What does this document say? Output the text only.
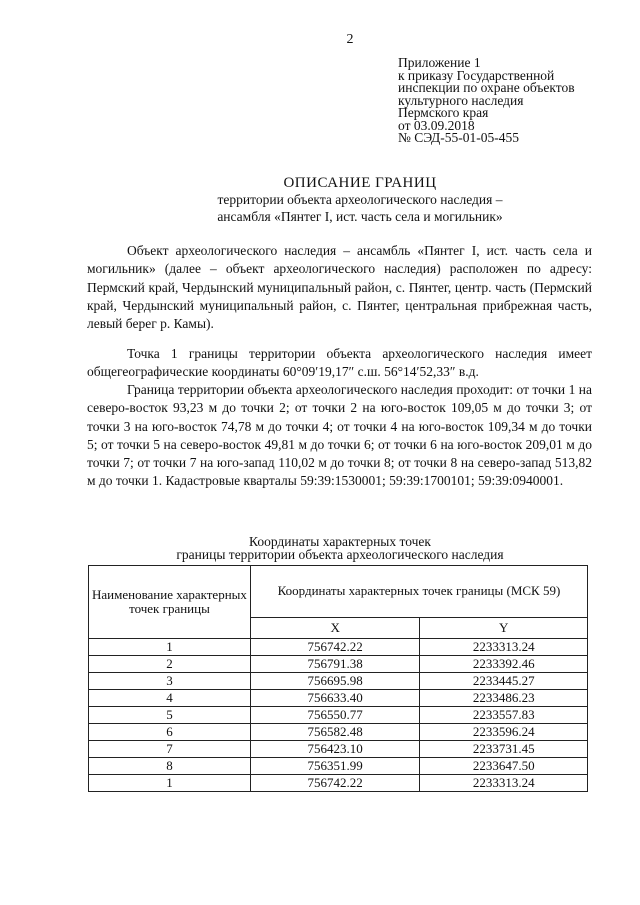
2
Приложение 1
к приказу Государственной
инспекции по охране объектов
культурного наследия
Пермского края
от 03.09.2018
№ СЭД-55-01-05-455
ОПИСАНИЕ ГРАНИЦ
территории объекта археологического наследия –
ансамбля «Пянтег I, ист. часть села и могильник»
Объект археологического наследия – ансамбль «Пянтег I, ист. часть села и могильник» (далее – объект археологического наследия) расположен по адресу: Пермский край, Чердынский муниципальный район, с. Пянтег, центр. часть (Пермский край, Чердынский муниципальный район, с. Пянтег, центральная прибрежная часть, левый берег р. Камы).
Точка 1 границы территории объекта археологического наследия имеет общегеографические координаты 60°09′19,17″ с.ш. 56°14′52,33″ в.д.
Граница территории объекта археологического наследия проходит: от точки 1 на северо-восток 93,23 м до точки 2; от точки 2 на юго-восток 109,05 м до точки 3; от точки 3 на юго-восток 74,78 м до точки 4; от точки 4 на юго-восток 109,34 м до точки 5; от точки 5 на северо-восток 49,81 м до точки 6; от точки 6 на юго-восток 209,01 м до точки 7; от точки 7 на юго-запад 110,02 м до точки 8; от точки 8 на северо-запад 513,82 м до точки 1. Кадастровые кварталы 59:39:1530001; 59:39:1700101; 59:39:0940001.
Координаты характерных точек
границы территории объекта археологического наследия
Наименование характерных точек границы	Координаты характерных точек границы (МСК 59)	
	X	Y
1	756742.22	2233313.24
2	756791.38	2233392.46
3	756695.98	2233445.27
4	756633.40	2233486.23
5	756550.77	2233557.83
6	756582.48	2233596.24
7	756423.10	2233731.45
8	756351.99	2233647.50
1	756742.22	2233313.24
